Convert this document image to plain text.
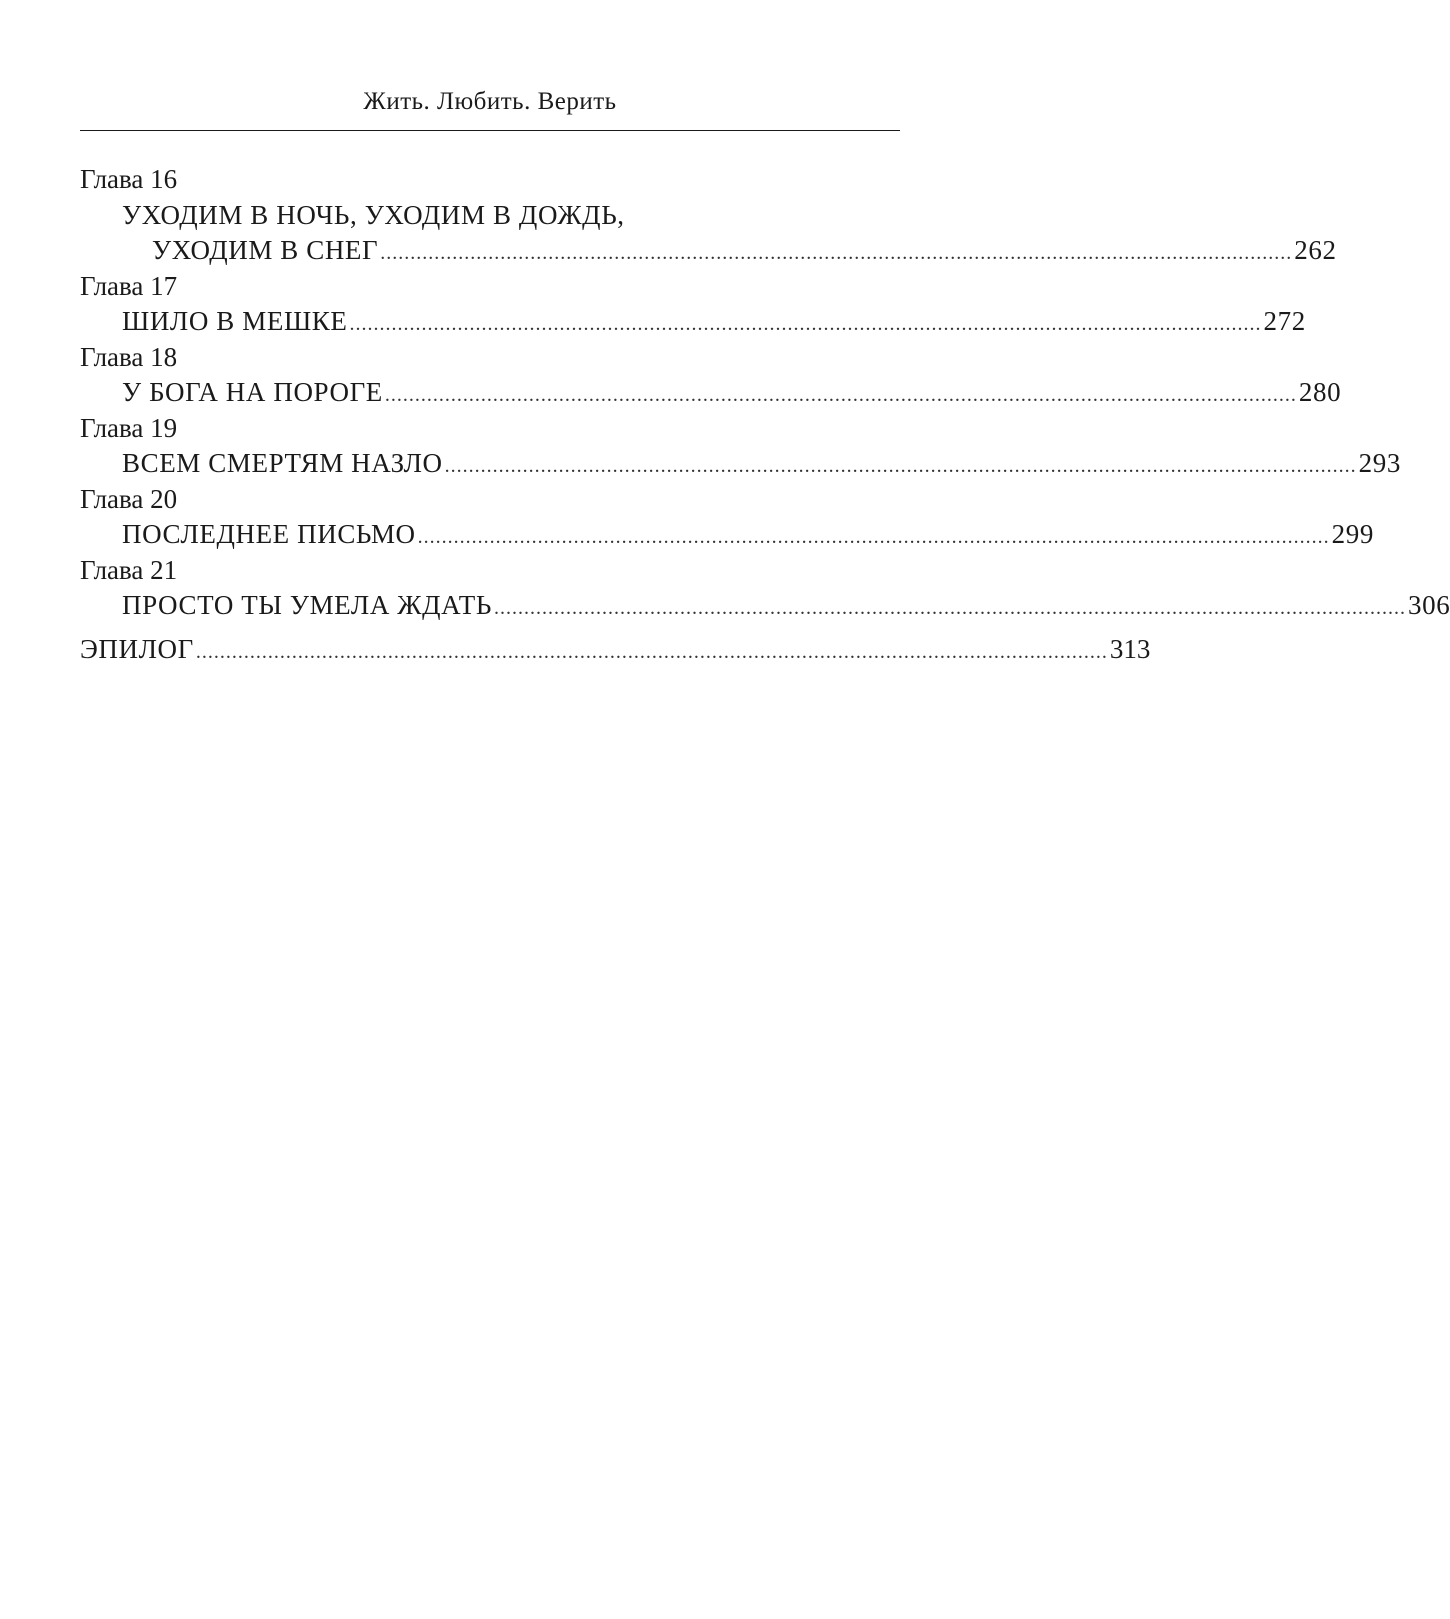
Жить. Любить. Верить
Глава 16
УХОДИМ В НОЧЬ, УХОДИМ В ДОЖДЬ,
УХОДИМ В СНЕГ ........................................................................................................................................................ 262
Глава 17
ШИЛО В МЕШКЕ ........................................................................................................................................................ 272
Глава 18
У БОГА НА ПОРОГЕ ........................................................................................................................................................ 280
Глава 19
ВСЕМ СМЕРТЯМ НАЗЛО ........................................................................................................................................................ 293
Глава 20
ПОСЛЕДНЕЕ ПИСЬМО ........................................................................................................................................................ 299
Глава 21
ПРОСТО ТЫ УМЕЛА ЖДАТЬ ........................................................................................................................................................ 306
ЭПИЛОГ ........................................................................................................................................................ 313
